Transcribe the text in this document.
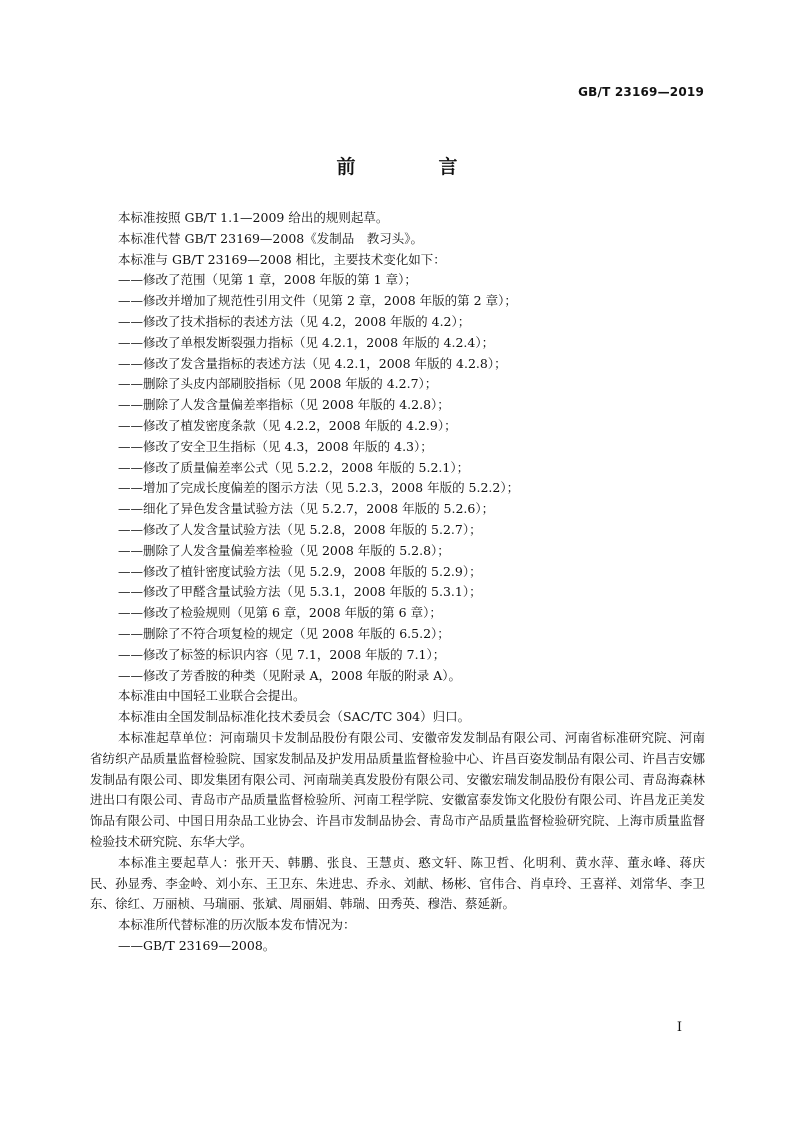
GB/T 23169—2019
前　言

本标准按照 GB/T 1.1—2009 给出的规则起草。

本标准代替 GB/T 23169—2008《发制品　教习头》。

本标准与 GB/T 23169—2008 相比，主要技术变化如下：

——修改了范围（见第 1 章，2008 年版的第 1 章）；

——修改并增加了规范性引用文件（见第 2 章，2008 年版的第 2 章）；

——修改了技术指标的表述方法（见 4.2，2008 年版的 4.2）；

——修改了单根发断裂强力指标（见 4.2.1，2008 年版的 4.2.4）；

——修改了发含量指标的表述方法（见 4.2.1，2008 年版的 4.2.8）；

——删除了头皮内部刷胶指标（见 2008 年版的 4.2.7）；

——删除了人发含量偏差率指标（见 2008 年版的 4.2.8）；

——修改了植发密度条款（见 4.2.2，2008 年版的 4.2.9）；

——修改了安全卫生指标（见 4.3，2008 年版的 4.3）；

——修改了质量偏差率公式（见 5.2.2，2008 年版的 5.2.1）；

——增加了完成长度偏差的图示方法（见 5.2.3，2008 年版的 5.2.2）；

——细化了异色发含量试验方法（见 5.2.7，2008 年版的 5.2.6）；

——修改了人发含量试验方法（见 5.2.8，2008 年版的 5.2.7）；

——删除了人发含量偏差率检验（见 2008 年版的 5.2.8）；

——修改了植针密度试验方法（见 5.2.9，2008 年版的 5.2.9）；

——修改了甲醛含量试验方法（见 5.3.1，2008 年版的 5.3.1）；

——修改了检验规则（见第 6 章，2008 年版的第 6 章）；

——删除了不符合项复检的规定（见 2008 年版的 6.5.2）；

——修改了标签的标识内容（见 7.1，2008 年版的 7.1）；

——修改了芳香胺的种类（见附录 A，2008 年版的附录 A）。

本标准由中国轻工业联合会提出。

本标准由全国发制品标准化技术委员会（SAC/TC 304）归口。

本标准起草单位：河南瑞贝卡发制品股份有限公司、安徽帝发发制品有限公司、河南省标准研究院、河南省纺织产品质量监督检验院、国家发制品及护发用品质量监督检验中心、许昌百姿发制品有限公司、许昌吉安娜发制品有限公司、即发集团有限公司、河南瑞美真发股份有限公司、安徽宏瑞发制品股份有限公司、青岛海森林进出口有限公司、青岛市产品质量监督检验所、河南工程学院、安徽富泰发饰文化股份有限公司、许昌龙正美发饰品有限公司、中国日用杂品工业协会、许昌市发制品协会、青岛市产品质量监督检验研究院、上海市质量监督检验技术研究院、东华大学。

本标准主要起草人：张开天、韩鹏、张良、王慧贞、憨文轩、陈卫哲、化明利、黄水萍、董永峰、蒋庆民、孙显秀、李金岭、刘小东、王卫东、朱进忠、乔永、刘献、杨彬、官伟合、肖卓玲、王喜祥、刘常华、李卫东、徐红、万丽桢、马瑞丽、张斌、周丽娟、韩瑞、田秀英、穆浩、蔡延新。

本标准所代替标准的历次版本发布情况为：

——GB/T 23169—2008。

I
